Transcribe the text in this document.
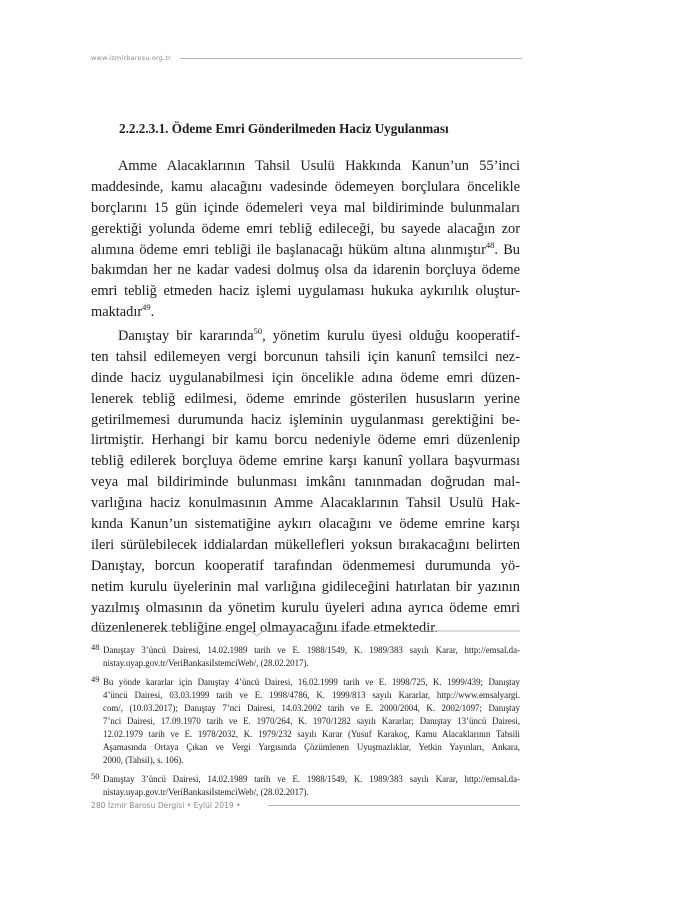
www.izmirbarosu.org.tr
2.2.2.3.1. Ödeme Emri Gönderilmeden Haciz Uygulanması
Amme Alacaklarının Tahsil Usulü Hakkında Kanun’un 55’inci
maddesinde, kamu alacağını vadesinde ödemeyen borçlulara öncelikle
borçlarını 15 gün içinde ödemeleri veya mal bildiriminde bulunmaları
gerektiği yolunda ödeme emri tebliğ edileceği, bu sayede alacağın zor
alımına ödeme emri tebliği ile başlanacağı hüküm altına alınmıştır$^{48}$. Bu
bakımdan her ne kadar vadesi dolmuş olsa da idarenin borçluya ödeme
emri tebliğ etmeden haciz işlemi uygulaması hukuka aykırılık oluştur-
maktadır$^{49}$.
Danıştay bir kararında$^{50}$, yönetim kurulu üyesi olduğu kooperatif-
ten tahsil edilemeyen vergi borcunun tahsili için kanunî temsilci nez-
dinde haciz uygulanabilmesi için öncelikle adına ödeme emri düzen-
lenerek tebliğ edilmesi, ödeme emrinde gösterilen hususların yerine
getirilmemesi durumunda haciz işleminin uygulanması gerektiğini be-
lirtmiştir. Herhangi bir kamu borcu nedeniyle ödeme emri düzenlenip
tebliğ edilerek borçluya ödeme emrine karşı kanunî yollara başvurması
veya mal bildiriminde bulunması imkânı tanınmadan doğrudan mal-
varlığına haciz konulmasının Amme Alacaklarının Tahsil Usulü Hak-
kında Kanun’un sistematiğine aykırı olacağını ve ödeme emrine karşı
ileri sürülebilecek iddialardan mükellefleri yoksun bırakacağını belirten
Danıştay, borcun kooperatif tarafından ödenmemesi durumunda yö-
netim kurulu üyelerinin mal varlığına gidileceğini hatırlatan bir yazının
yazılmış olmasının da yönetim kurulu üyeleri adına ayrıca ödeme emri
düzenlenerek tebliğine engel olmayacağını ifade etmektedir.
48 Danıştay 3’üncü Dairesi, 14.02.1989 tarih ve E. 1988/1549, K. 1989/383 sayılı Karar, http://emsal.da-
nistay.uyap.gov.tr/VeriBankasiIstemciWeb/, (28.02.2017).
49 Bu yönde kararlar için Danıştay 4’üncü Dairesi, 16.02.1999 tarih ve E. 1998/725, K. 1999/439; Danıştay
4’üncü Dairesi, 03.03.1999 tarih ve E. 1998/4786, K. 1999/813 sayılı Kararlar, http://www.emsalyargi.
com/, (10.03.2017); Danıştay 7’nci Dairesi, 14.03.2002 tarih ve E. 2000/2004, K. 2002/1097; Danıştay
7’nci Dairesi, 17.09.1970 tarih ve E. 1970/264, K. 1970/1282 sayılı Kararlar; Danıştay 13’üncü Dairesi,
12.02.1979 tarih ve E. 1978/2032, K. 1979/232 sayılı Karar (Yusuf Karakoç, Kamu Alacaklarının Tahsili
Aşamasında Ortaya Çıkan ve Vergi Yargısında Çözümlenen Uyuşmazlıklar, Yetkin Yayınları, Ankara,
2000, (Tahsil), s. 106).
50 Danıştay 3’üncü Dairesi, 14.02.1989 tarih ve E. 1988/1549, K. 1989/383 sayılı Karar, http://emsal.da-
nistay.uyap.gov.tr/VeriBankasiIstemciWeb/, (28.02.2017).
280 İzmir Barosu Dergisi • Eylül 2019 •
